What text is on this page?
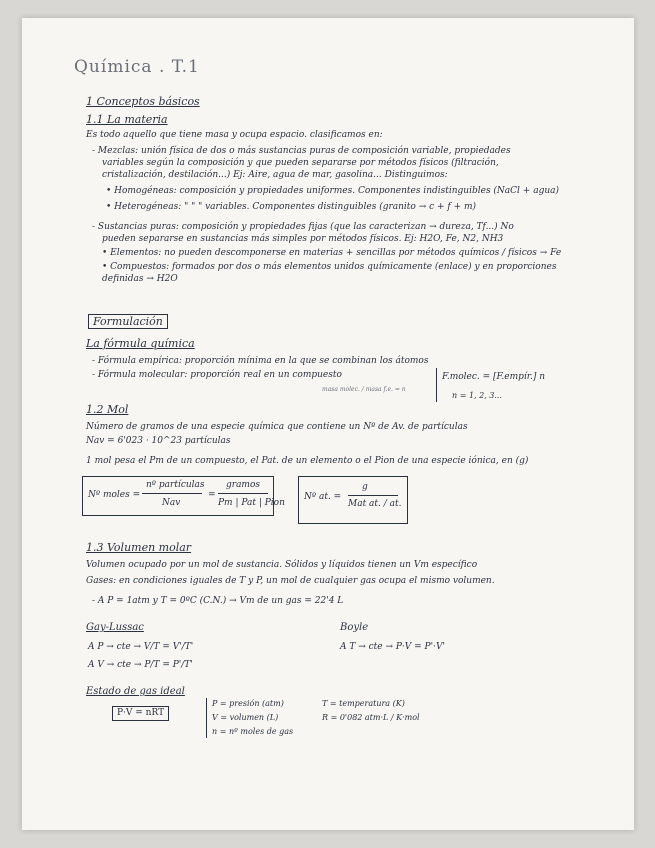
Química . T.1
1 Conceptos básicos
1.1 La materia
Es todo aquello que tiene masa y ocupa espacio. clasificamos en:
- Mezclas: unión física de dos o más sustancias puras de composición variable, propiedades
variables según la composición y que pueden separarse por métodos físicos (filtración,
cristalización, destilación...) Ej: Aire, agua de mar, gasolina... Distinguimos:
• Homogéneas: composición y propiedades uniformes. Componentes indistinguibles (NaCl + agua)
• Heterogéneas: " " " variables. Componentes distinguibles (granito → c + f + m)
- Sustancias puras: composición y propiedades fijas (que las caracterizan → dureza, Tf...) No
pueden separarse en sustancias más simples por métodos físicos. Ej: H2O, Fe, N2, NH3
• Elementos: no pueden descomponerse en materias + sencillas por métodos químicos / físicos → Fe
• Compuestos: formados por dos o más elementos unidos químicamente (enlace) y en proporciones
definidas → H2O
Formulación
La fórmula química
- Fórmula empírica: proporción mínima en la que se combinan los átomos
- Fórmula molecular: proporción real en un compuesto
masa molec. / masa f.e. = n
F.molec. = [F.empír.] n
n = 1, 2, 3...
1.2 Mol
Número de gramos de una especie química que contiene un Nº de Av. de partículas
Nav = 6'023 · 10^23 partículas
1 mol pesa el Pm de un compuesto, el Pat. de un elemento o el Pion de una especie iónica, en (g)
Nº moles =
nº partículas
Nav
=
gramos
Pm | Pat | Pion
Nº at. =
g
Mat at. / at.
1.3 Volumen molar
Volumen ocupado por un mol de sustancia. Sólidos y líquidos tienen un Vm específico
Gases: en condiciones iguales de T y P, un mol de cualquier gas ocupa el mismo volumen.
- A P = 1atm y T = 0ºC (C.N.) → Vm de un gas = 22'4 L
Gay-Lussac	Boyle
A P → cte → V/T = V'/T'
A V → cte → P/T = P'/T'
A T → cte → P·V = P'·V'
Estado de gas ideal
P·V = nRT
P = presión (atm)
V = volumen (L)
n = nº moles de gas
T = temperatura (K)
R = 0'082 atm·L / K·mol
